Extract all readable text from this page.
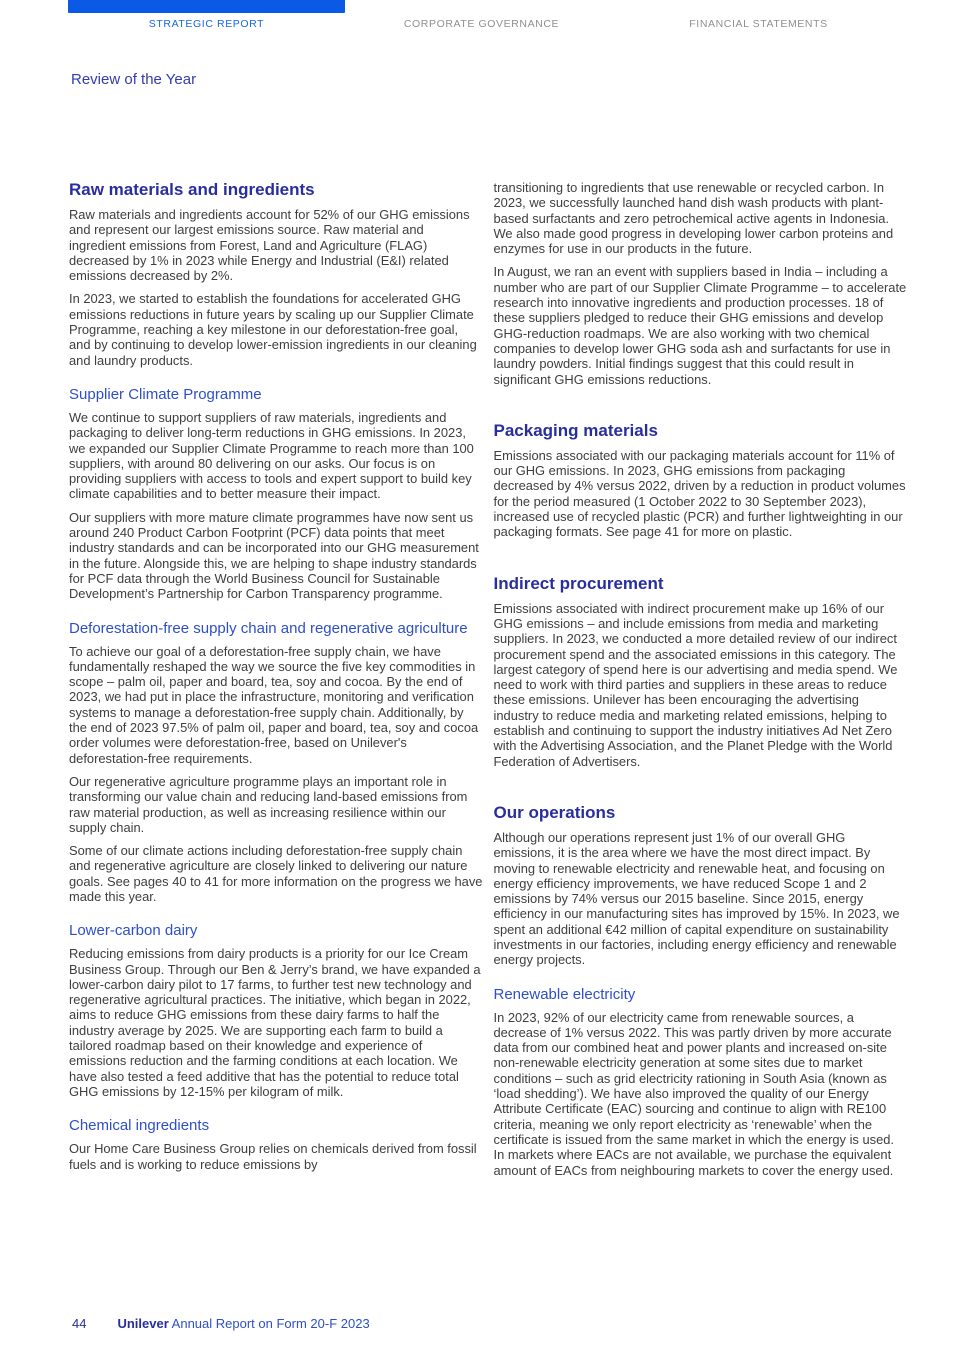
STRATEGIC REPORT	CORPORATE GOVERNANCE	FINANCIAL STATEMENTS
Review of the Year
Raw materials and ingredients

Raw materials and ingredients account for 52% of our GHG emissions and represent our largest emissions source. Raw material and ingredient emissions from Forest, Land and Agriculture (FLAG) decreased by 1% in 2023 while Energy and Industrial (E&I) related emissions decreased by 2%.

In 2023, we started to establish the foundations for accelerated GHG emissions reductions in future years by scaling up our Supplier Climate Programme, reaching a key milestone in our deforestation-free goal, and by continuing to develop lower-emission ingredients in our cleaning and laundry products.

Supplier Climate Programme

We continue to support suppliers of raw materials, ingredients and packaging to deliver long-term reductions in GHG emissions. In 2023, we expanded our Supplier Climate Programme to reach more than 100 suppliers, with around 80 delivering on our asks. Our focus is on providing suppliers with access to tools and expert support to build key climate capabilities and to better measure their impact.

Our suppliers with more mature climate programmes have now sent us around 240 Product Carbon Footprint (PCF) data points that meet industry standards and can be incorporated into our GHG measurement in the future. Alongside this, we are helping to shape industry standards for PCF data through the World Business Council for Sustainable Development’s Partnership for Carbon Transparency programme.

Deforestation-free supply chain and regenerative agriculture

To achieve our goal of a deforestation-free supply chain, we have fundamentally reshaped the way we source the five key commodities in scope – palm oil, paper and board, tea, soy and cocoa. By the end of 2023, we had put in place the infrastructure, monitoring and verification systems to manage a deforestation-free supply chain. Additionally, by the end of 2023 97.5% of palm oil, paper and board, tea, soy and cocoa order volumes were deforestation-free, based on Unilever's deforestation-free requirements.

Our regenerative agriculture programme plays an important role in transforming our value chain and reducing land-based emissions from raw material production, as well as increasing resilience within our supply chain.

Some of our climate actions including deforestation-free supply chain and regenerative agriculture are closely linked to delivering our nature goals. See pages 40 to 41 for more information on the progress we have made this year.

Lower-carbon dairy

Reducing emissions from dairy products is a priority for our Ice Cream Business Group. Through our Ben & Jerry’s brand, we have expanded a lower-carbon dairy pilot to 17 farms, to further test new technology and regenerative agricultural practices. The initiative, which began in 2022, aims to reduce GHG emissions from these dairy farms to half the industry average by 2025. We are supporting each farm to build a tailored roadmap based on their knowledge and experience of emissions reduction and the farming conditions at each location. We have also tested a feed additive that has the potential to reduce total GHG emissions by 12-15% per kilogram of milk.

Chemical ingredients

Our Home Care Business Group relies on chemicals derived from fossil fuels and is working to reduce emissions by

transitioning to ingredients that use renewable or recycled carbon. In 2023, we successfully launched hand dish wash products with plant-based surfactants and zero petrochemical active agents in Indonesia. We also made good progress in developing lower carbon proteins and enzymes for use in our products in the future.

In August, we ran an event with suppliers based in India – including a number who are part of our Supplier Climate Programme – to accelerate research into innovative ingredients and production processes. 18 of these suppliers pledged to reduce their GHG emissions and develop GHG-reduction roadmaps. We are also working with two chemical companies to develop lower GHG soda ash and surfactants for use in laundry powders. Initial findings suggest that this could result in significant GHG emissions reductions.

Packaging materials

Emissions associated with our packaging materials account for 11% of our GHG emissions. In 2023, GHG emissions from packaging decreased by 4% versus 2022, driven by a reduction in product volumes for the period measured (1 October 2022 to 30 September 2023), increased use of recycled plastic (PCR) and further lightweighting in our packaging formats. See page 41 for more on plastic.

Indirect procurement

Emissions associated with indirect procurement make up 16% of our GHG emissions – and include emissions from media and marketing suppliers. In 2023, we conducted a more detailed review of our indirect procurement spend and the associated emissions in this category. The largest category of spend here is our advertising and media spend. We need to work with third parties and suppliers in these areas to reduce these emissions. Unilever has been encouraging the advertising industry to reduce media and marketing related emissions, helping to establish and continuing to support the industry initiatives Ad Net Zero with the Advertising Association, and the Planet Pledge with the World Federation of Advertisers.

Our operations

Although our operations represent just 1% of our overall GHG emissions, it is the area where we have the most direct impact. By moving to renewable electricity and renewable heat, and focusing on energy efficiency improvements, we have reduced Scope 1 and 2 emissions by 74% versus our 2015 baseline. Since 2015, energy efficiency in our manufacturing sites has improved by 15%. In 2023, we spent an additional €42 million of capital expenditure on sustainability investments in our factories, including energy efficiency and renewable energy projects.

Renewable electricity

In 2023, 92% of our electricity came from renewable sources, a decrease of 1% versus 2022. This was partly driven by more accurate data from our combined heat and power plants and increased on-site non-renewable electricity generation at some sites due to market conditions – such as grid electricity rationing in South Asia (known as ‘load shedding’). We have also improved the quality of our Energy Attribute Certificate (EAC) sourcing and continue to align with RE100 criteria, meaning we only report electricity as ‘renewable’ when the certificate is issued from the same market in which the energy is used. In markets where EACs are not available, we purchase the equivalent amount of EACs from neighbouring markets to cover the energy used.

44 Unilever Annual Report on Form 20-F 2023
